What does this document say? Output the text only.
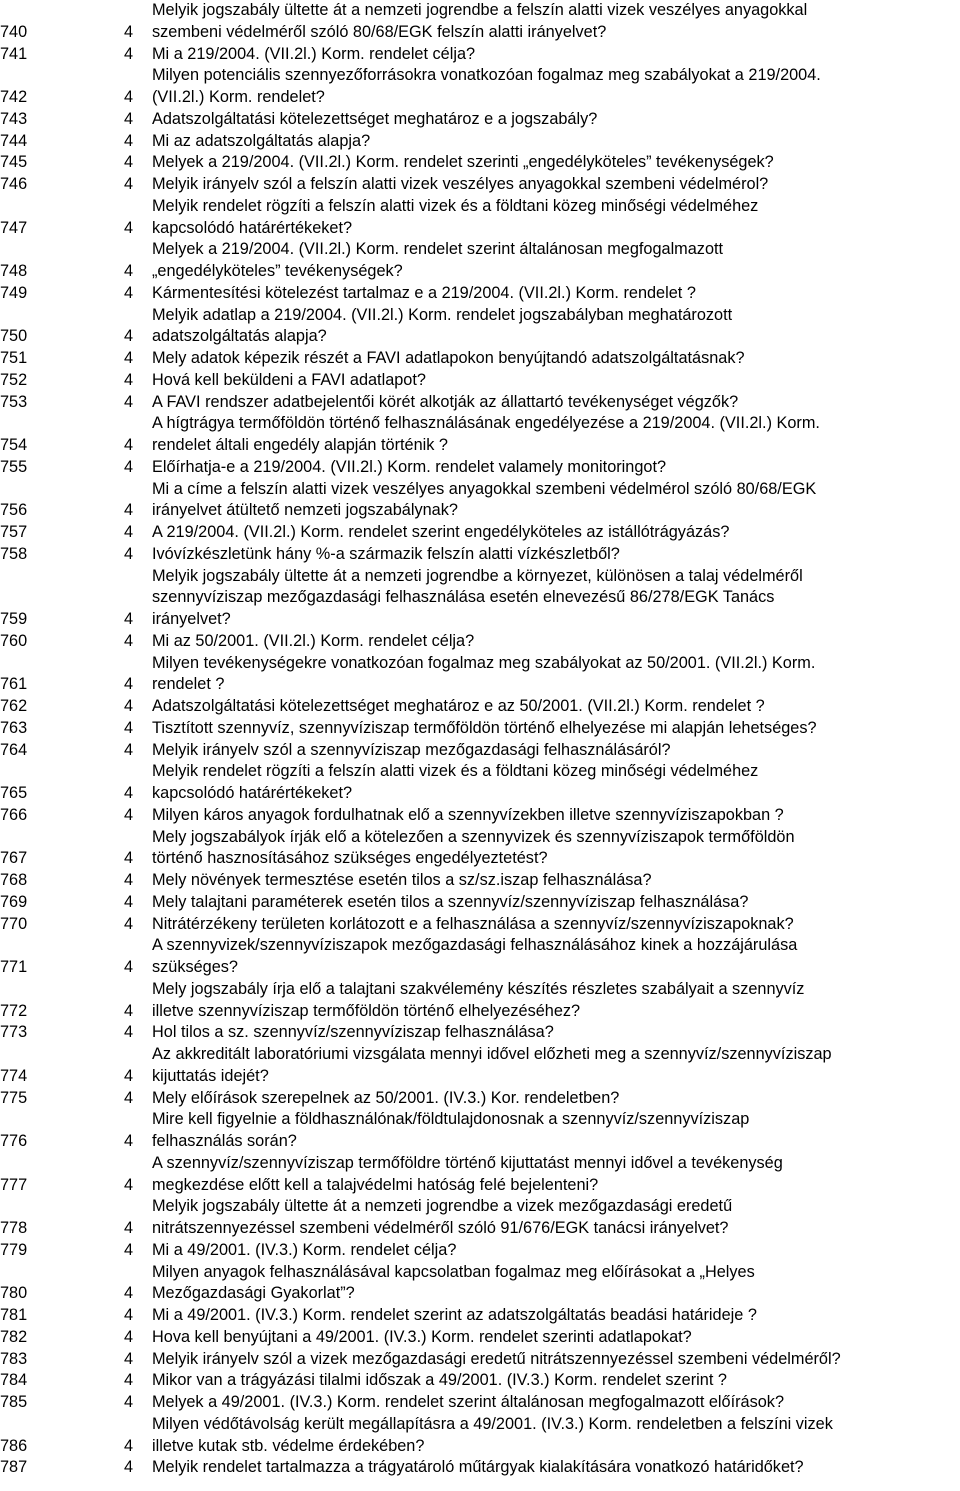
740	4
Melyik jogszabály ültette át a nemzeti jogrendbe a felszín alatti vizek veszélyes anyagokkal
szembeni védelméről szóló 80/68/EGK felszín alatti irányelvet?
741	4 Mi a 219/2004. (VII.2l.) Korm. rendelet célja?
742	4
Milyen potenciális szennyezőforrásokra vonatkozóan fogalmaz meg szabályokat a 219/2004.
(VII.2l.) Korm. rendelet?
743	4 Adatszolgáltatási kötelezettséget meghatároz e a jogszabály?
744	4 Mi az adatszolgáltatás alapja?
745	4 Melyek a 219/2004. (VII.2l.) Korm. rendelet szerinti „engedélyköteles” tevékenységek?
746	4 Melyik irányelv szól a felszín alatti vizek veszélyes anyagokkal szembeni védelmérol?
747	4
Melyik rendelet rögzíti a felszín alatti vizek és a földtani közeg minőségi védelméhez
kapcsolódó határértékeket?
748	4
Melyek a 219/2004. (VII.2l.) Korm. rendelet szerint általánosan megfogalmazott
„engedélyköteles” tevékenységek?
749	4 Kármentesítési kötelezést tartalmaz e a 219/2004. (VII.2l.) Korm. rendelet ?
750	4
Melyik adatlap a 219/2004. (VII.2l.) Korm. rendelet jogszabályban meghatározott
adatszolgáltatás alapja?
751	4 Mely adatok képezik részét a FAVI adatlapokon benyújtandó adatszolgáltatásnak?
752	4 Hová kell beküldeni a FAVI adatlapot?
753	4 A FAVI rendszer adatbejelentői körét alkotják az állattartó tevékenységet végzők?
754	4
A hígtrágya termőföldön történő felhasználásának engedélyezése a 219/2004. (VII.2l.) Korm.
rendelet általi engedély alapján történik ?
755	4 Előírhatja-e a 219/2004. (VII.2l.) Korm. rendelet valamely monitoringot?
756	4
Mi a címe a felszín alatti vizek veszélyes anyagokkal szembeni védelmérol szóló 80/68/EGK
irányelvet átültető nemzeti jogszabálynak?
757	4 A 219/2004. (VII.2l.) Korm. rendelet szerint engedélyköteles az istállótrágyázás?
758	4 Ivóvízkészletünk hány %-a származik felszín alatti vízkészletből?
759	4
Melyik jogszabály ültette át a nemzeti jogrendbe a környezet, különösen a talaj védelméről
szennyvíziszap mezőgazdasági felhasználása esetén elnevezésű 86/278/EGK Tanács
irányelvet?
760	4 Mi az 50/2001. (VII.2l.) Korm. rendelet célja?
761	4
Milyen tevékenységekre vonatkozóan fogalmaz meg szabályokat az 50/2001. (VII.2l.) Korm.
rendelet ?
762	4 Adatszolgáltatási kötelezettséget meghatároz e az 50/2001. (VII.2l.) Korm. rendelet ?
763	4 Tisztított szennyvíz, szennyvíziszap termőföldön történő elhelyezése mi alapján lehetséges?
764	4 Melyik irányelv szól a szennyvíziszap mezőgazdasági felhasználásáról?
765	4
Melyik rendelet rögzíti a felszín alatti vizek és a földtani közeg minőségi védelméhez
kapcsolódó határértékeket?
766	4 Milyen káros anyagok fordulhatnak elő a szennyvízekben illetve szennyvíziszapokban ?
767	4
Mely jogszabályok írják elő a kötelezően a szennyvizek és szennyvíziszapok termőföldön
történő hasznosításához szükséges engedélyeztetést?
768	4 Mely növények termesztése esetén tilos a sz/sz.iszap felhasználása?
769	4 Mely talajtani paraméterek esetén tilos a szennyvíz/szennyvíziszap felhasználása?
770	4 Nitrátérzékeny területen korlátozott e a felhasználása a szennyvíz/szennyvíziszapoknak?
771	4
A szennyvizek/szennyvíziszapok mezőgazdasági felhasználásához kinek a hozzájárulása
szükséges?
772	4
Mely jogszabály írja elő a talajtani szakvélemény készítés részletes szabályait a szennyvíz
illetve szennyvíziszap termőföldön történő elhelyezéséhez?
773	4 Hol tilos a sz. szennyvíz/szennyvíziszap felhasználása?
774	4
Az akkreditált laboratóriumi vizsgálata mennyi idővel előzheti meg a szennyvíz/szennyvíziszap
kijuttatás idejét?
775	4 Mely előírások szerepelnek az 50/2001. (IV.3.) Kor. rendeletben?
776	4
Mire kell figyelnie a földhasználónak/földtulajdonosnak a szennyvíz/szennyvíziszap
felhasználás során?
777	4
A szennyvíz/szennyvíziszap termőföldre történő kijuttatást mennyi idővel a tevékenység
megkezdése előtt kell a talajvédelmi hatóság felé bejelenteni?
778	4
Melyik jogszabály ültette át a nemzeti jogrendbe a vizek mezőgazdasági eredetű
nitrátszennyezéssel szembeni védelméről szóló 91/676/EGK tanácsi irányelvet?
779	4 Mi a 49/2001. (IV.3.) Korm. rendelet célja?
780	4
Milyen anyagok felhasználásával kapcsolatban fogalmaz meg előírásokat a „Helyes
Mezőgazdasági Gyakorlat”?
781	4 Mi a 49/2001. (IV.3.) Korm. rendelet szerint az adatszolgáltatás beadási határideje ?
782	4 Hova kell benyújtani a 49/2001. (IV.3.) Korm. rendelet szerinti adatlapokat?
783	4 Melyik irányelv szól a vizek mezőgazdasági eredetű nitrátszennyezéssel szembeni védelméről?
784	4 Mikor van a trágyázási tilalmi időszak a 49/2001. (IV.3.) Korm. rendelet szerint ?
785	4 Melyek a 49/2001. (IV.3.) Korm. rendelet szerint általánosan megfogalmazott előírások?
786	4
Milyen védőtávolság került megállapításra a 49/2001. (IV.3.) Korm. rendeletben a felszíni vizek
illetve kutak stb. védelme érdekében?
787	4 Melyik rendelet tartalmazza a trágyatároló műtárgyak kialakítására vonatkozó határidőket?
